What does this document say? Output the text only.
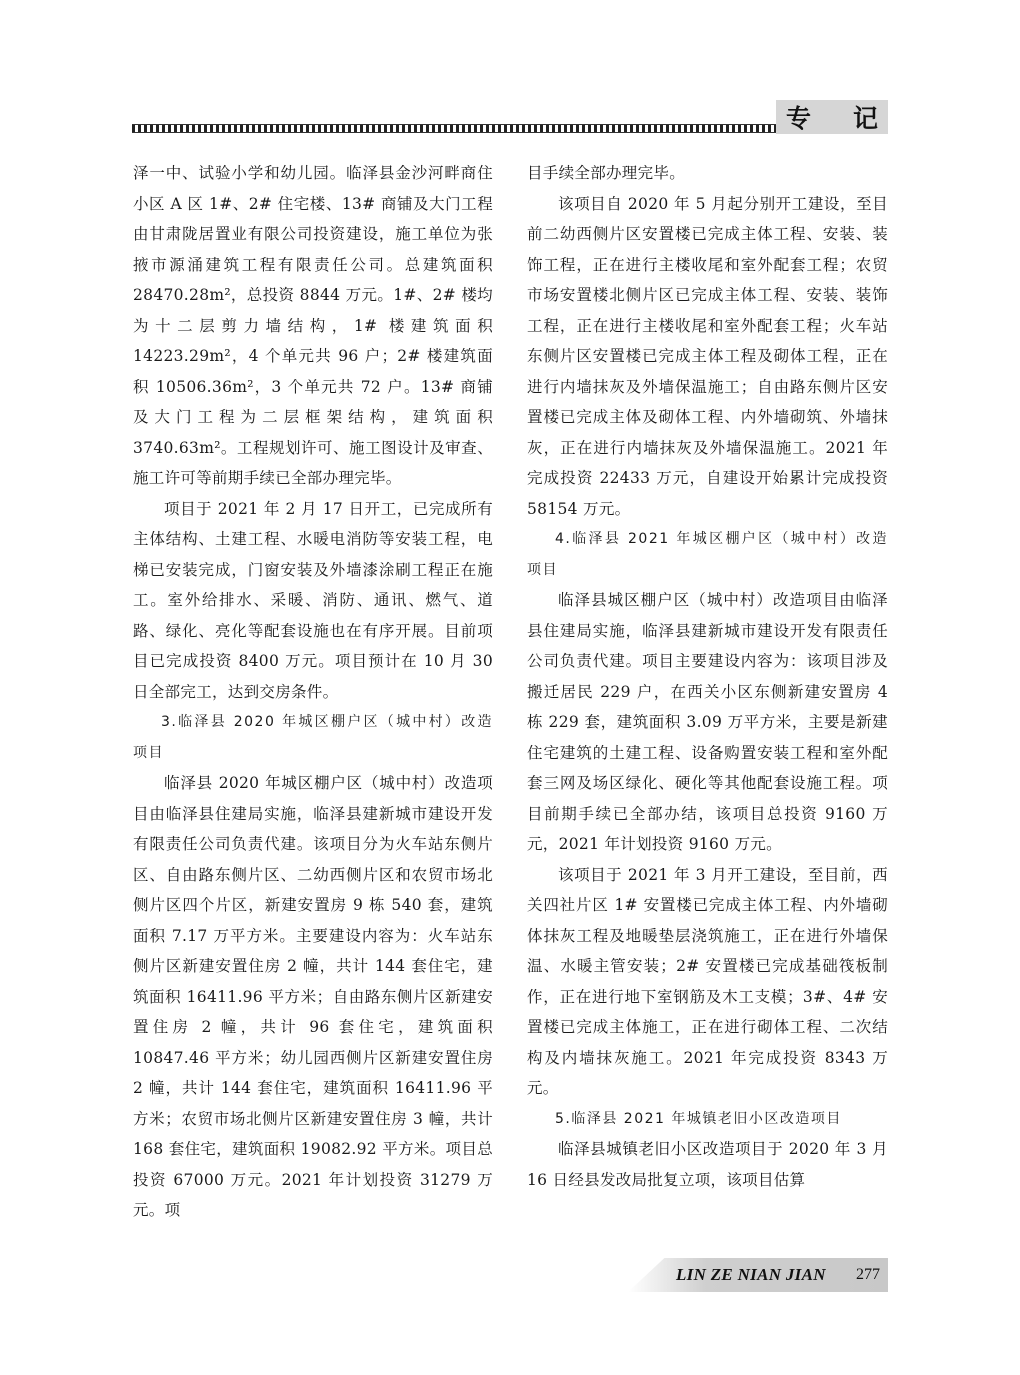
专 记

泽一中、试验小学和幼儿园。临泽县金沙河畔商住小区 A 区 1#、2# 住宅楼、13# 商铺及大门工程由甘肃陇居置业有限公司投资建设，施工单位为张掖市源涌建筑工程有限责任公司。总建筑面积 28470.28m²，总投资 8844 万元。1#、2# 楼均为十二层剪力墙结构，1# 楼建筑面积 14223.29m²，4 个单元共 96 户；2# 楼建筑面积 10506.36m²，3 个单元共 72 户。13# 商铺及大门工程为二层框架结构，建筑面积 3740.63m²。工程规划许可、施工图设计及审查、施工许可等前期手续已全部办理完毕。

项目于 2021 年 2 月 17 日开工，已完成所有主体结构、土建工程、水暖电消防等安装工程，电梯已安装完成，门窗安装及外墙漆涂刷工程正在施工。室外给排水、采暖、消防、通讯、燃气、道路、绿化、亮化等配套设施也在有序开展。目前项目已完成投资 8400 万元。项目预计在 10 月 30 日全部完工，达到交房条件。

3.临泽县 2020 年城区棚户区（城中村）改造项目

临泽县 2020 年城区棚户区（城中村）改造项目由临泽县住建局实施，临泽县建新城市建设开发有限责任公司负责代建。该项目分为火车站东侧片区、自由路东侧片区、二幼西侧片区和农贸市场北侧片区四个片区，新建安置房 9 栋 540 套，建筑面积 7.17 万平方米。主要建设内容为：火车站东侧片区新建安置住房 2 幢，共计 144 套住宅，建筑面积 16411.96 平方米；自由路东侧片区新建安置住房 2 幢，共计 96 套住宅，建筑面积 10847.46 平方米；幼儿园西侧片区新建安置住房 2 幢，共计 144 套住宅，建筑面积 16411.96 平方米；农贸市场北侧片区新建安置住房 3 幢，共计 168 套住宅，建筑面积 19082.92 平方米。项目总投资 67000 万元。2021 年计划投资 31279 万元。项

目手续全部办理完毕。

该项目自 2020 年 5 月起分别开工建设，至目前二幼西侧片区安置楼已完成主体工程、安装、装饰工程，正在进行主楼收尾和室外配套工程；农贸市场安置楼北侧片区已完成主体工程、安装、装饰工程，正在进行主楼收尾和室外配套工程；火车站东侧片区安置楼已完成主体工程及砌体工程，正在进行内墙抹灰及外墙保温施工；自由路东侧片区安置楼已完成主体及砌体工程、内外墙砌筑、外墙抹灰，正在进行内墙抹灰及外墙保温施工。2021 年完成投资 22433 万元，自建设开始累计完成投资 58154 万元。

4.临泽县 2021 年城区棚户区（城中村）改造项目

临泽县城区棚户区（城中村）改造项目由临泽县住建局实施，临泽县建新城市建设开发有限责任公司负责代建。项目主要建设内容为：该项目涉及搬迁居民 229 户，在西关小区东侧新建安置房 4 栋 229 套，建筑面积 3.09 万平方米，主要是新建住宅建筑的土建工程、设备购置安装工程和室外配套三网及场区绿化、硬化等其他配套设施工程。项目前期手续已全部办结，该项目总投资 9160 万元，2021 年计划投资 9160 万元。

该项目于 2021 年 3 月开工建设，至目前，西关四社片区 1# 安置楼已完成主体工程、内外墙砌体抹灰工程及地暖垫层浇筑施工，正在进行外墙保温、水暖主管安装；2# 安置楼已完成基础筏板制作，正在进行地下室钢筋及木工支模；3#、4# 安置楼已完成主体施工，正在进行砌体工程、二次结构及内墙抹灰施工。2021 年完成投资 8343 万元。

5.临泽县 2021 年城镇老旧小区改造项目

临泽县城镇老旧小区改造项目于 2020 年 3 月 16 日经县发改局批复立项，该项目估算

LIN ZE NIAN JIAN 277
